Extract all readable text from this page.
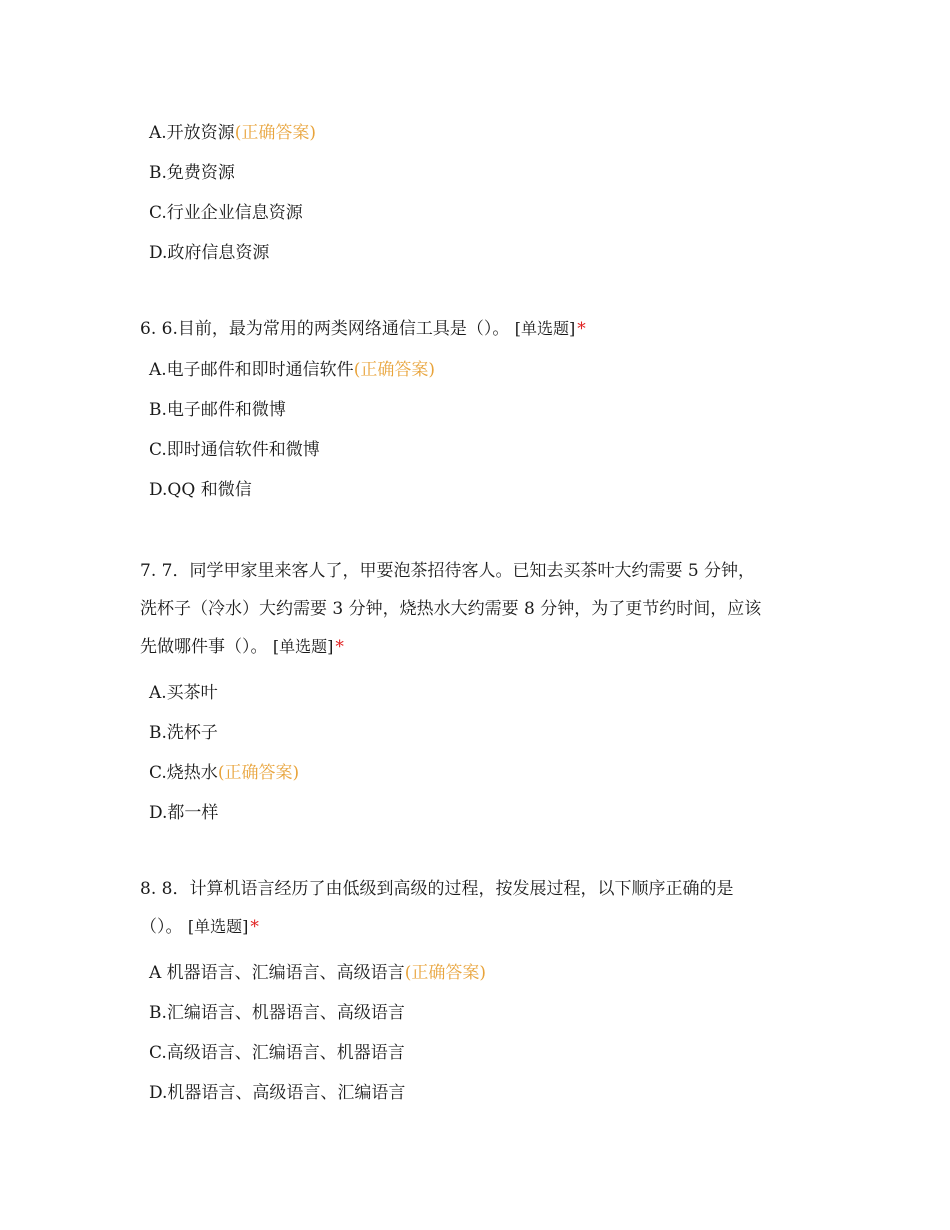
A.开放资源(正确答案)
B.免费资源
C.行业企业信息资源
D.政府信息资源
6. 6.目前，最为常用的两类网络通信工具是（）。 [单选题] *
A.电子邮件和即时通信软件(正确答案)
B.电子邮件和微博
C.即时通信软件和微博
D.QQ 和微信
7. 7．同学甲家里来客人了，甲要泡茶招待客人。已知去买茶叶大约需要 5 分钟，
洗杯子（冷水）大约需要 3 分钟，烧热水大约需要 8 分钟，为了更节约时间，应该
先做哪件事（）。 [单选题] *
A.买茶叶
B.洗杯子
C.烧热水(正确答案)
D.都一样
8. 8．计算机语言经历了由低级到高级的过程，按发展过程，以下顺序正确的是
（）。 [单选题] *
A 机器语言、汇编语言、高级语言(正确答案)
B.汇编语言、机器语言、高级语言
C.高级语言、汇编语言、机器语言
D.机器语言、高级语言、汇编语言
